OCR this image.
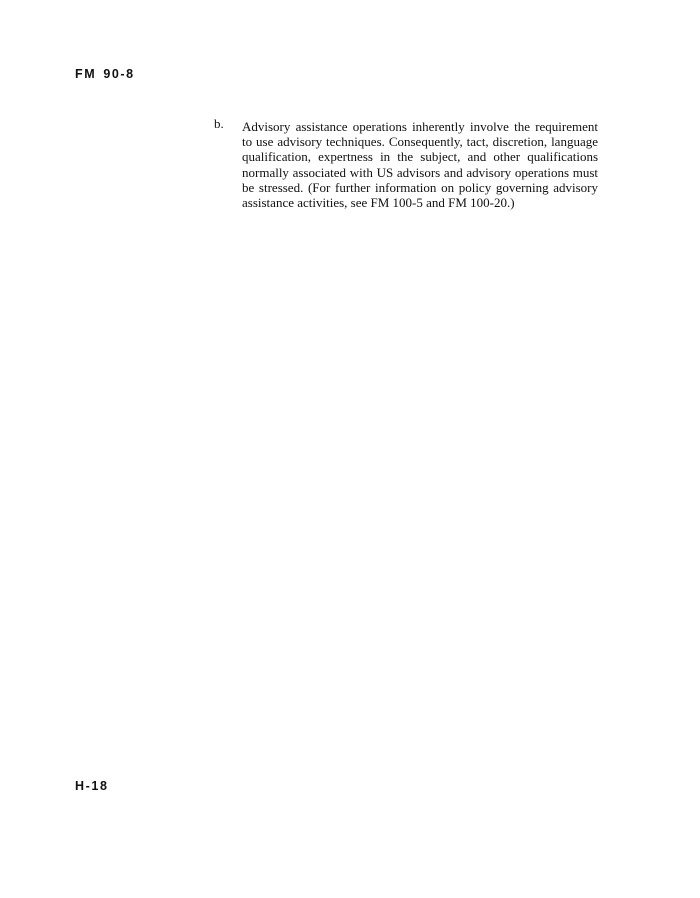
FM 90-8
b. Advisory assistance operations inherently involve the requirement to use advisory techniques. Consequently, tact, discretion, language qualification, expertness in the subject, and other qualifications normally associated with US advisors and advisory operations must be stressed. (For further information on policy governing advisory assistance activities, see FM 100-5 and FM 100-20.)

H-18
